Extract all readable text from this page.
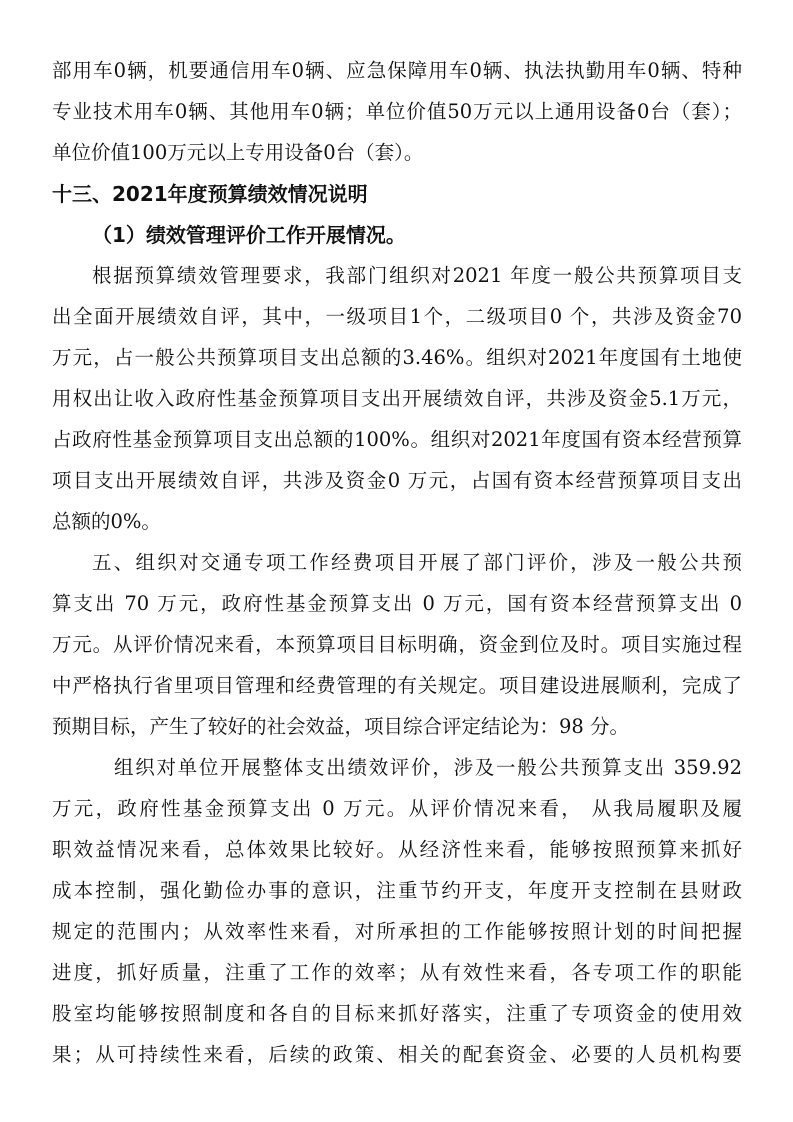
部用车0辆，机要通信用车0辆、应急保障用车0辆、执法执勤用车0辆、特种
专业技术用车0辆、其他用车0辆；单位价值50万元以上通用设备0台（套）；
单位价值100万元以上专用设备0台（套）。
十三、2021年度预算绩效情况说明
（1）绩效管理评价工作开展情况。
根据预算绩效管理要求，我部门组织对2021 年度一般公共预算项目支
出全面开展绩效自评，其中，一级项目1个，二级项目0 个，共涉及资金70
万元，占一般公共预算项目支出总额的3.46%。组织对2021年度国有土地使
用权出让收入政府性基金预算项目支出开展绩效自评，共涉及资金5.1万元，
占政府性基金预算项目支出总额的100%。组织对2021年度国有资本经营预算
项目支出开展绩效自评，共涉及资金0 万元，占国有资本经营预算项目支出
总额的0%。
五、组织对交通专项工作经费项目开展了部门评价，涉及一般公共预
算支出 70 万元，政府性基金预算支出 0 万元，国有资本经营预算支出 0
万元。从评价情况来看，本预算项目目标明确，资金到位及时。项目实施过程
中严格执行省里项目管理和经费管理的有关规定。项目建设进展顺利，完成了
预期目标，产生了较好的社会效益，项目综合评定结论为：98 分。
组织对单位开展整体支出绩效评价，涉及一般公共预算支出 359.92
万元，政府性基金预算支出 0 万元。从评价情况来看， 从我局履职及履
职效益情况来看，总体效果比较好。从经济性来看，能够按照预算来抓好
成本控制，强化勤俭办事的意识，注重节约开支，年度开支控制在县财政
规定的范围内；从效率性来看，对所承担的工作能够按照计划的时间把握
进度，抓好质量，注重了工作的效率；从有效性来看，各专项工作的职能
股室均能够按照制度和各自的目标来抓好落实，注重了专项资金的使用效
果；从可持续性来看，后续的政策、相关的配套资金、必要的人员机构要
